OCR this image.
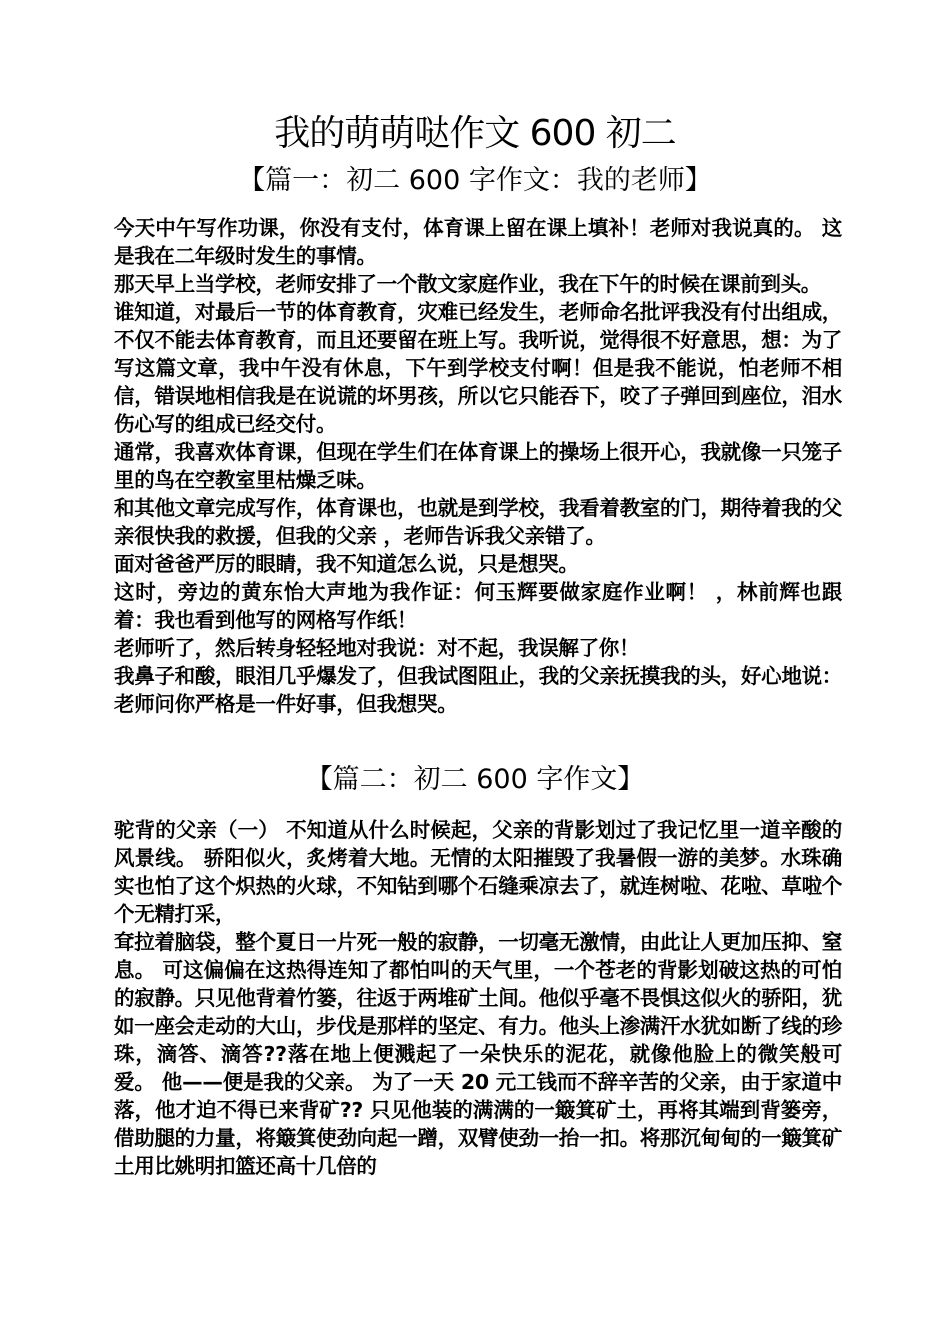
我的萌萌哒作文 600 初二
【篇一：初二 600 字作文：我的老师】

今天中午写作功课，你没有支付，体育课上留在课上填补！老师对我说真的。 这是我在二年级时发生的事情。

那天早上当学校，老师安排了一个散文家庭作业，我在下午的时候在课前到头。

谁知道，对最后一节的体育教育，灾难已经发生，老师命名批评我没有付出组成，不仅不能去体育教育，而且还要留在班上写。我听说，觉得很不好意思，想：为了写这篇文章，我中午没有休息，下午到学校支付啊！但是我不能说，怕老师不相信，错误地相信我是在说谎的坏男孩，所以它只能吞下，咬了子弹回到座位，泪水伤心写的组成已经交付。

通常，我喜欢体育课，但现在学生们在体育课上的操场上很开心，我就像一只笼子里的鸟在空教室里枯燥乏味。

和其他文章完成写作，体育课也，也就是到学校，我看着教室的门，期待着我的父亲很快我的救援，但我的父亲 ，老师告诉我父亲错了。

面对爸爸严厉的眼睛，我不知道怎么说，只是想哭。

这时，旁边的黄东怡大声地为我作证：何玉辉要做家庭作业啊！ ，林前辉也跟着：我也看到他写的网格写作纸！

老师听了，然后转身轻轻地对我说：对不起，我误解了你！

我鼻子和酸，眼泪几乎爆发了，但我试图阻止，我的父亲抚摸我的头，好心地说：老师问你严格是一件好事，但我想哭。

【篇二：初二 600 字作文】

驼背的父亲（一） 不知道从什么时候起，父亲的背影划过了我记忆里一道辛酸的风景线。 骄阳似火，炙烤着大地。无情的太阳摧毁了我暑假一游的美梦。水珠确实也怕了这个炽热的火球，不知钻到哪个石缝乘凉去了，就连树啦、花啦、草啦个个无精打采，

耷拉着脑袋，整个夏日一片死一般的寂静，一切毫无激情，由此让人更加压抑、窒息。 可这偏偏在这热得连知了都怕叫的天气里，一个苍老的背影划破这热的可怕的寂静。只见他背着竹篓，往返于两堆矿土间。他似乎毫不畏惧这似火的骄阳，犹如一座会走动的大山，步伐是那样的坚定、有力。他头上渗满汗水犹如断了线的珍珠，滴答、滴答??落在地上便溅起了一朵快乐的泥花，就像他脸上的微笑般可爱。 他——便是我的父亲。 为了一天 20 元工钱而不辞辛苦的父亲，由于家道中落，他才迫不得已来背矿?? 只见他装的满满的一簸箕矿土，再将其端到背篓旁，借助腿的力量，将簸箕使劲向起一蹭，双臂使劲一抬一扣。将那沉甸甸的一簸箕矿土用比姚明扣篮还高十几倍的
